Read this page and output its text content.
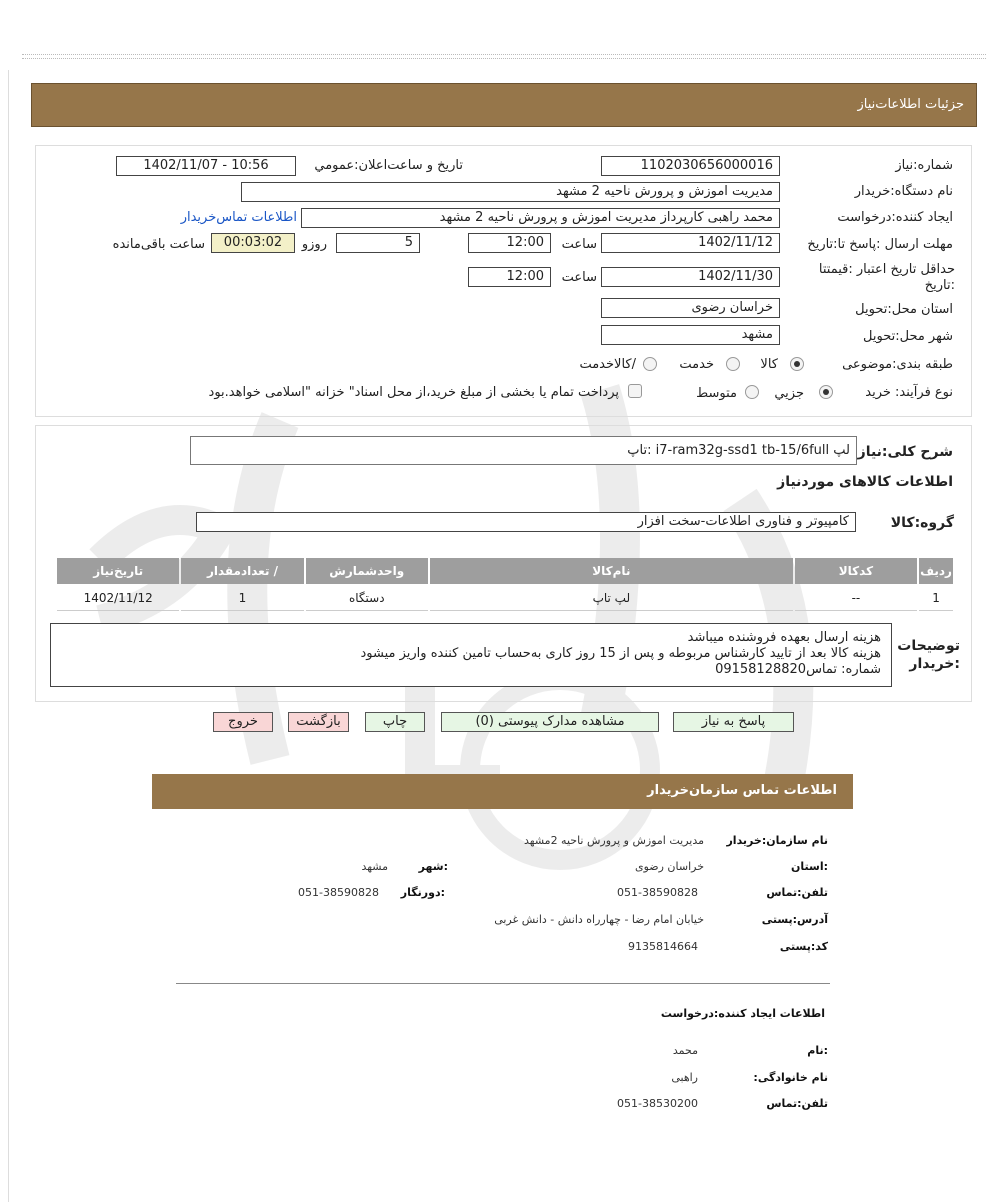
جزئیات اطلاعات‌نیاز
شماره:نیاز
1102030656000016
تاریخ و ساعت‌اعلان:عمومي
1402/11/07 - 10:56
نام دستگاه:خریدار
مدیریت اموزش و پرورش ناحیه 2 مشهد
ایجاد کننده:درخواست
محمد راهبی کارپرداز مدیریت اموزش و پرورش ناحیه 2 مشهد
اطلاعات تماس‌خریدار
مهلت ارسال :پاسخ تا:تاریخ
1402/11/12
ساعت
12:00
5
روزو
00:03:02
ساعت باقی‌مانده
حداقل تاریخ اعتبار :قیمتتا
:تاریخ
1402/11/30
ساعت
12:00
استان محل:تحویل
خراسان رضوی
شهر محل:تحویل
مشهد
طبقه بندی:موضوعی
کالا
خدمت
/کالاخدمت
نوع فرآیند: خرید
جزیي
متوسط
پرداخت تمام یا بخشی از مبلغ خرید،از محل اسناد" خزانه "اسلامی خواهد.بود
شرح کلی:نیاز
لپ i7-ram32g-ssd1 tb-15/6full :تاپ
اطلاعات کالاهای موردنیاز
گروه:کالا
کامپیوتر و فناوری اطلاعات-سخت افزار
ردیف	کدکالا	نام‌کالا	واحدشمارش	/ تعدادمقدار	تاریخ‌نیاز
1	--	لپ تاپ	دستگاه	1	1402/11/12
توضیحات
:خریدار
هزینه ارسال بعهده فروشنده میباشد
هزینه کالا بعد از تایید کارشناس مربوطه و پس از 15 روز کاری به‌حساب تامین کننده واریز میشود
شماره: تماس09158128820
پاسخ به نیاز
مشاهده مدارک پیوستی (0)
چاپ
بازگشت
خروج
اطلاعات تماس سازمان‌خریدار
نام سازمان:خریدار
مدیریت اموزش و پرورش ناحیه 2مشهد
:استان
خراسان رضوی
:شهر
مشهد
تلفن:تماس
051-38590828
:دورنگار
051-38590828
آدرس:پستی
خیابان امام رضا - چهارراه دانش - دانش غربی
کد:پستی
9135814664
اطلاعات ایجاد کننده:درخواست
:نام
محمد
نام خانوادگی:
راهبی
تلفن:تماس
051-38530200
